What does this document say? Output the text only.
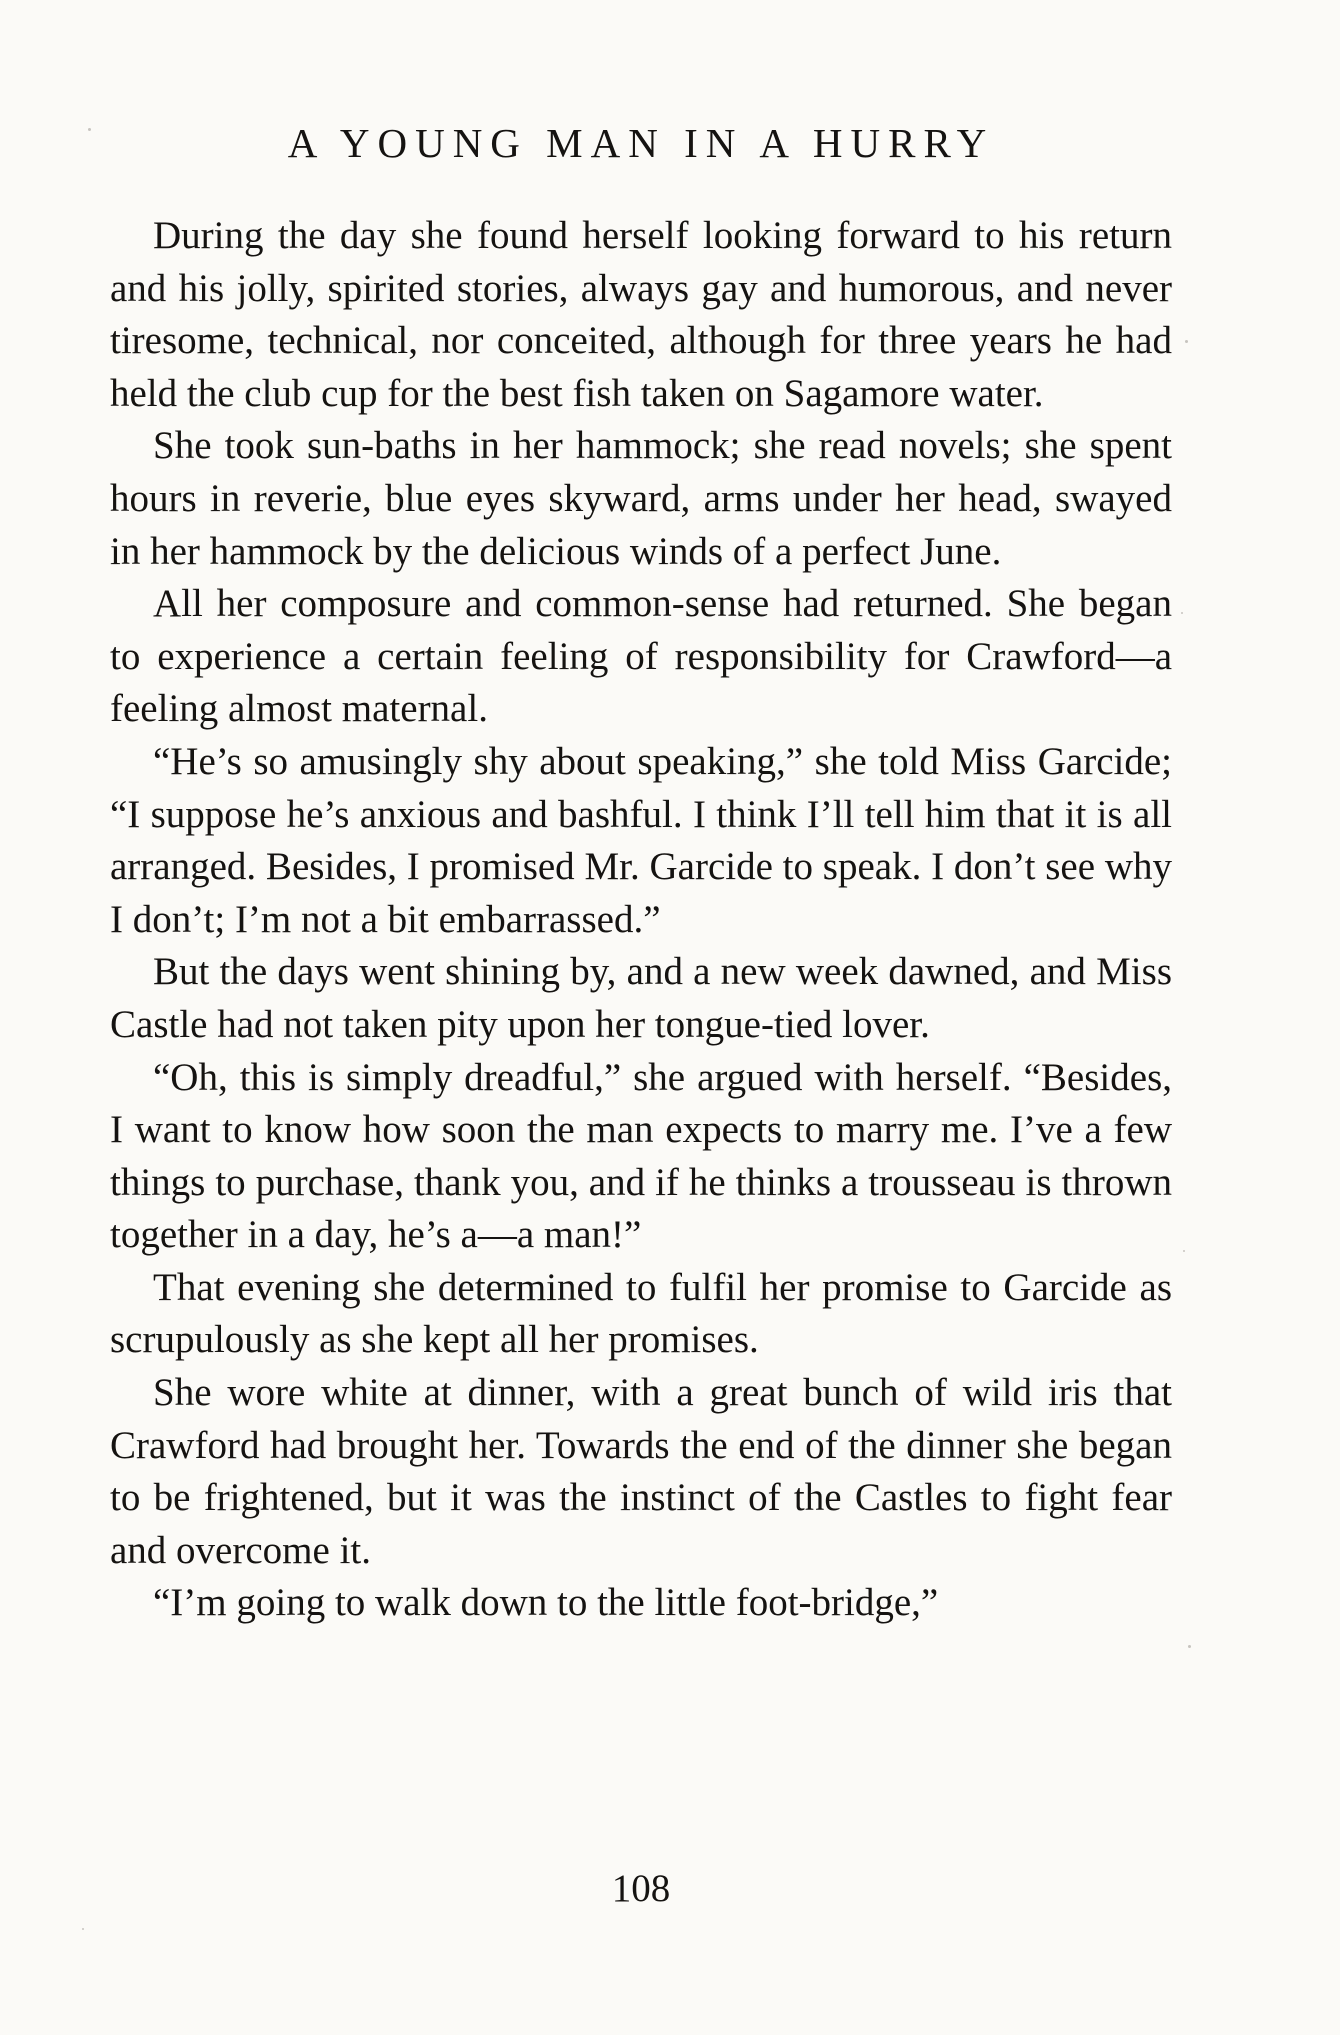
A YOUNG MAN IN A HURRY

During the day she found herself looking forward to his return and his jolly, spirited stories, always gay and humorous, and never tiresome, technical, nor conceited, although for three years he had held the club cup for the best fish taken on Sagamore water.

She took sun-baths in her hammock; she read novels; she spent hours in reverie, blue eyes skyward, arms under her head, swayed in her hammock by the delicious winds of a perfect June.

All her composure and common-sense had returned. She began to experience a certain feeling of responsibility for Crawford—a feeling almost maternal.

“He’s so amusingly shy about speaking,” she told Miss Garcide; “I suppose he’s anxious and bashful. I think I’ll tell him that it is all arranged. Besides, I promised Mr. Garcide to speak. I don’t see why I don’t; I’m not a bit embarrassed.”

But the days went shining by, and a new week dawned, and Miss Castle had not taken pity upon her tongue-tied lover.

“Oh, this is simply dreadful,” she argued with herself. “Besides, I want to know how soon the man expects to marry me. I’ve a few things to purchase, thank you, and if he thinks a trousseau is thrown together in a day, he’s a—a man!”

That evening she determined to fulfil her promise to Garcide as scrupulously as she kept all her promises.

She wore white at dinner, with a great bunch of wild iris that Crawford had brought her. Towards the end of the dinner she began to be frightened, but it was the instinct of the Castles to fight fear and overcome it.

“I’m going to walk down to the little foot-bridge,”

108
